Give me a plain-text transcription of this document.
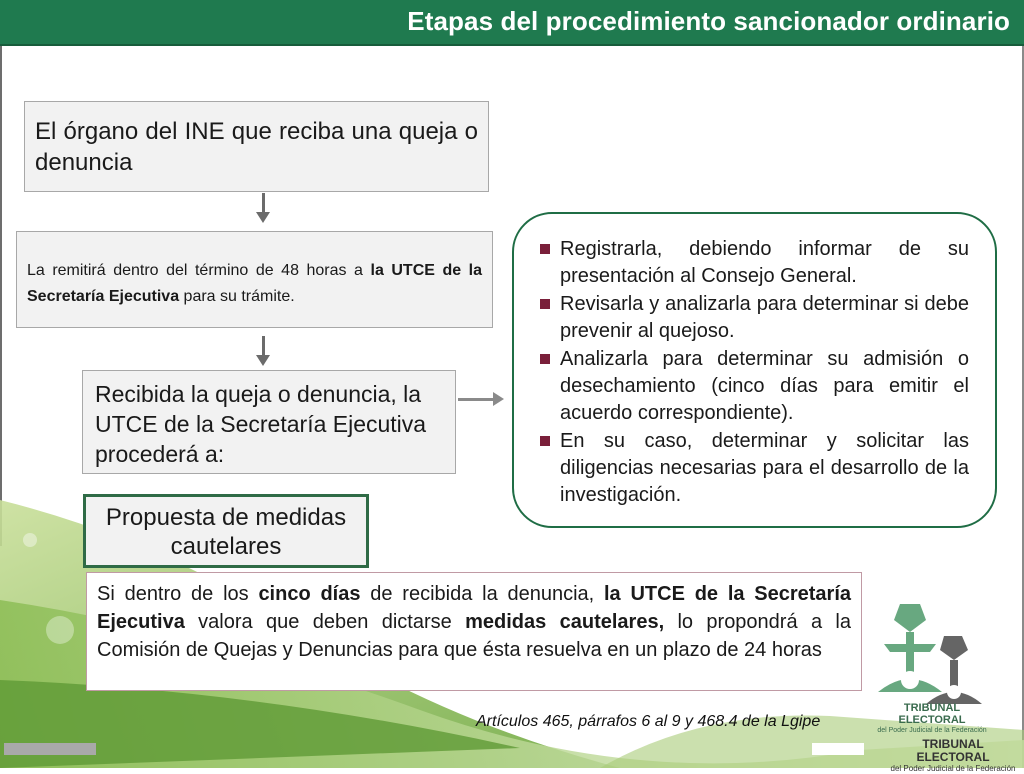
Etapas del procedimiento sancionador ordinario
El órgano del INE que reciba una queja o denuncia
La remitirá dentro del término de 48 horas a la UTCE de la Secretaría Ejecutiva para su trámite.
Recibida la queja o denuncia, la UTCE de la Secretaría Ejecutiva procederá a:
Registrarla, debiendo informar de su presentación al Consejo General.
Revisarla y analizarla para determinar si debe prevenir al quejoso.
Analizarla para determinar su admisión o desechamiento (cinco días para emitir el acuerdo correspondiente).
En su caso, determinar y solicitar las diligencias necesarias para el desarrollo de la investigación.
Propuesta de medidas cautelares
Si dentro de los cinco días de recibida la denuncia, la UTCE de la Secretaría Ejecutiva valora que deben dictarse medidas cautelares, lo propondrá a la Comisión de Quejas y Denuncias para que ésta resuelva en un plazo de 24 horas
Artículos 465, párrafos 6 al 9 y 468.4 de la Lgipe
TRIBUNAL ELECTORAL
del Poder Judicial de la Federación
TRIBUNAL ELECTORAL
del Poder Judicial de la Federación
